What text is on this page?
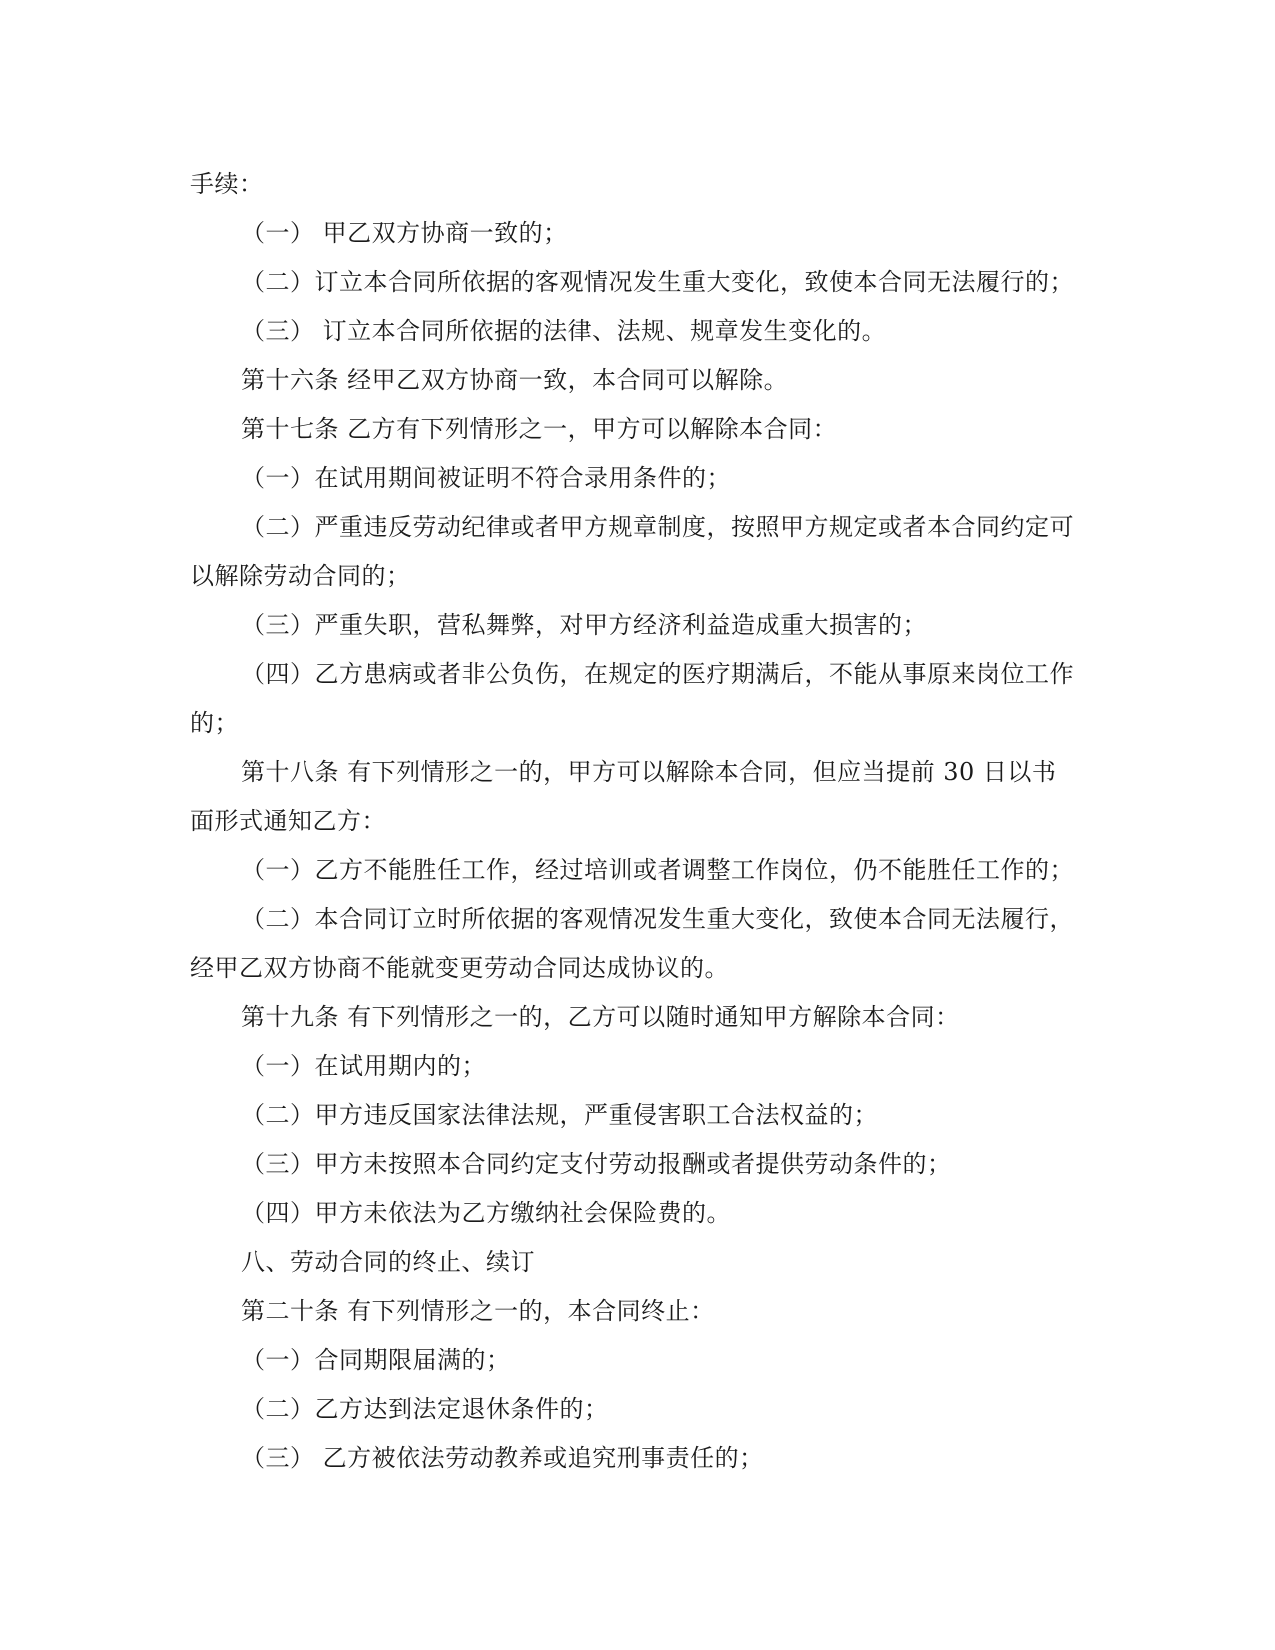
手续：
（一） 甲乙双方协商一致的；
（二）订立本合同所依据的客观情况发生重大变化，致使本合同无法履行的；
（三） 订立本合同所依据的法律、法规、规章发生变化的。
第十六条 经甲乙双方协商一致，本合同可以解除。
第十七条 乙方有下列情形之一，甲方可以解除本合同：
（一）在试用期间被证明不符合录用条件的；
（二）严重违反劳动纪律或者甲方规章制度，按照甲方规定或者本合同约定可
以解除劳动合同的；
（三）严重失职，营私舞弊，对甲方经济利益造成重大损害的；
（四）乙方患病或者非公负伤，在规定的医疗期满后，不能从事原来岗位工作
的；
第十八条 有下列情形之一的，甲方可以解除本合同，但应当提前 30 日以书
面形式通知乙方：
（一）乙方不能胜任工作，经过培训或者调整工作岗位，仍不能胜任工作的；
（二）本合同订立时所依据的客观情况发生重大变化，致使本合同无法履行，
经甲乙双方协商不能就变更劳动合同达成协议的。
第十九条 有下列情形之一的，乙方可以随时通知甲方解除本合同：
（一）在试用期内的；
（二）甲方违反国家法律法规，严重侵害职工合法权益的；
（三）甲方未按照本合同约定支付劳动报酬或者提供劳动条件的；
（四）甲方未依法为乙方缴纳社会保险费的。
八、劳动合同的终止、续订
第二十条 有下列情形之一的，本合同终止：
（一）合同期限届满的；
（二）乙方达到法定退休条件的；
（三） 乙方被依法劳动教养或追究刑事责任的；
